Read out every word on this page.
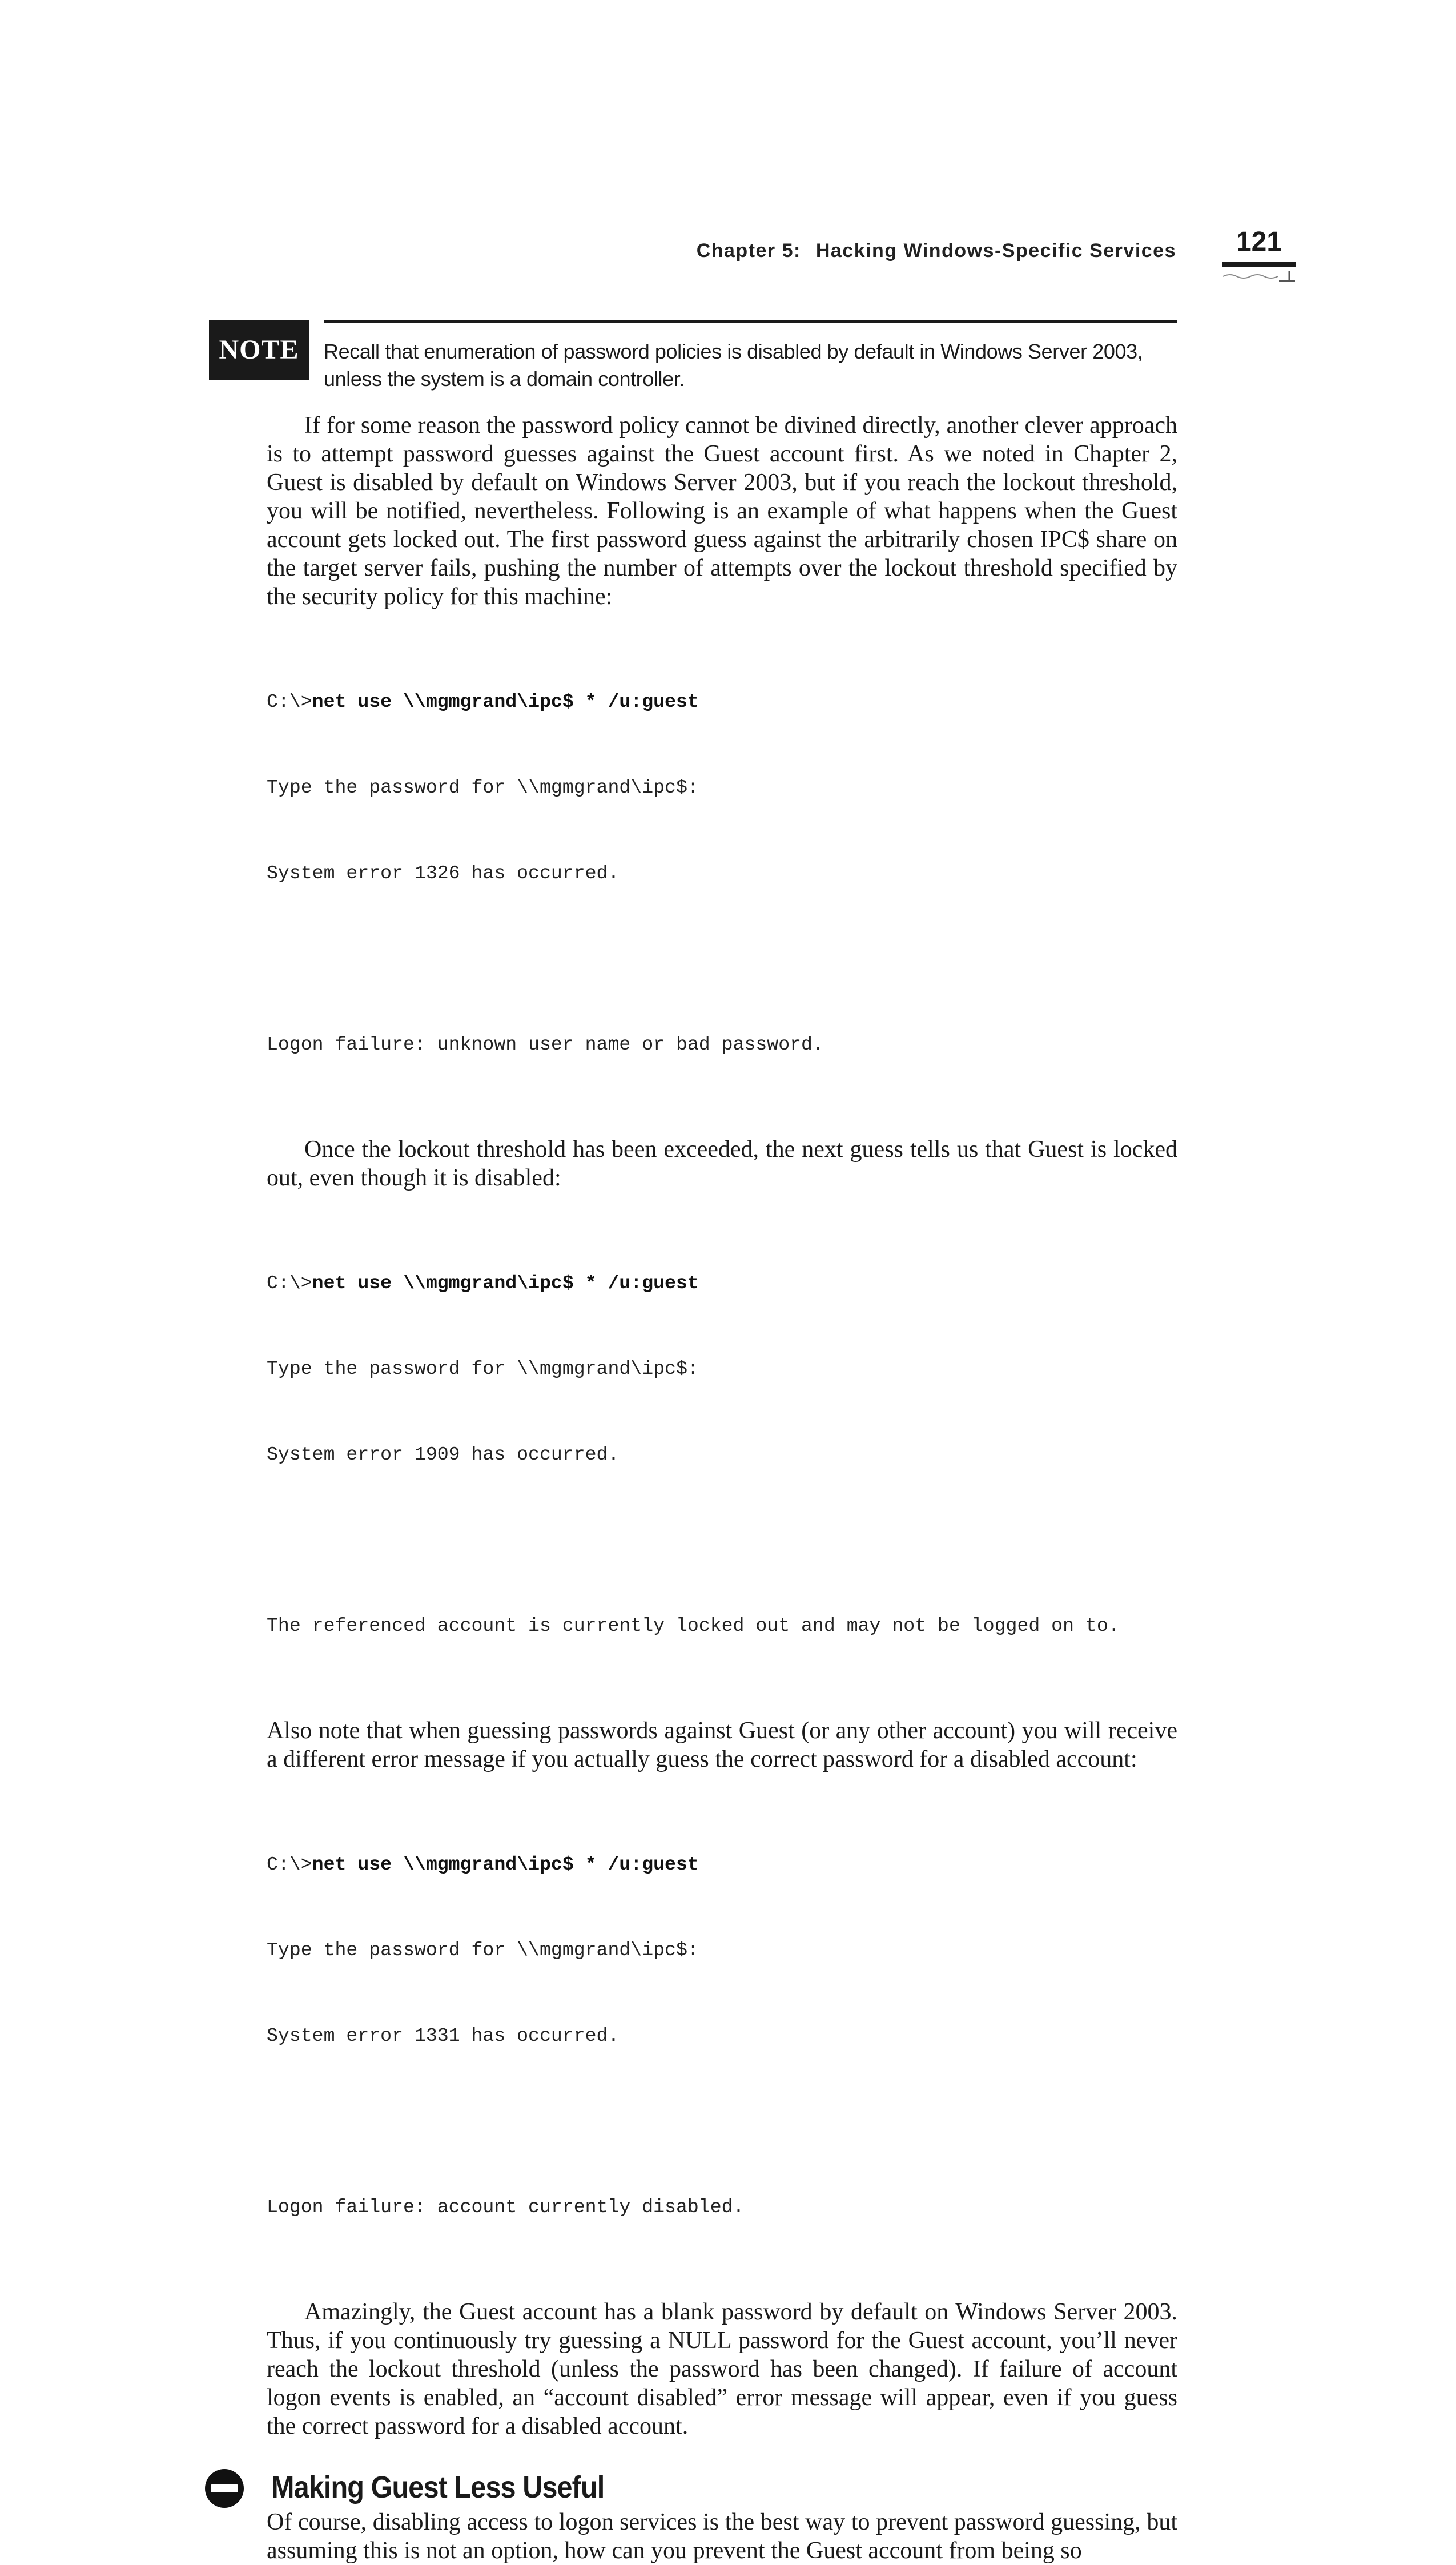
Chapter 5: Hacking Windows-Specific Services	121
NOTE	Recall that enumeration of password policies is disabled by default in Windows Server 2003, unless the system is a domain controller.

If for some reason the password policy cannot be divined directly, another clever approach is to attempt password guesses against the Guest account first. As we noted in Chapter 2, Guest is disabled by default on Windows Server 2003, but if you reach the lockout threshold, you will be notified, nevertheless. Following is an example of what happens when the Guest account gets locked out. The first password guess against the arbitrarily chosen IPC$ share on the target server fails, pushing the number of attempts over the lockout threshold specified by the security policy for this machine:

C:\>net use \\mgmgrand\ipc$ * /u:guest

Type the password for \\mgmgrand\ipc$:

System error 1326 has occurred.

Logon failure: unknown user name or bad password.

Once the lockout threshold has been exceeded, the next guess tells us that Guest is locked out, even though it is disabled:

C:\>net use \\mgmgrand\ipc$ * /u:guest

Type the password for \\mgmgrand\ipc$:

System error 1909 has occurred.

The referenced account is currently locked out and may not be logged on to.

Also note that when guessing passwords against Guest (or any other account) you will receive a different error message if you actually guess the correct password for a disabled account:

C:\>net use \\mgmgrand\ipc$ * /u:guest

Type the password for \\mgmgrand\ipc$:

System error 1331 has occurred.

Logon failure: account currently disabled.

Amazingly, the Guest account has a blank password by default on Windows Server 2003. Thus, if you continuously try guessing a NULL password for the Guest account, you’ll never reach the lockout threshold (unless the password has been changed). If failure of account logon events is enabled, an “account disabled” error message will appear, even if you guess the correct password for a disabled account.

Making Guest Less Useful

Of course, disabling access to logon services is the best way to prevent password guessing, but assuming this is not an option, how can you prevent the Guest account from being so
